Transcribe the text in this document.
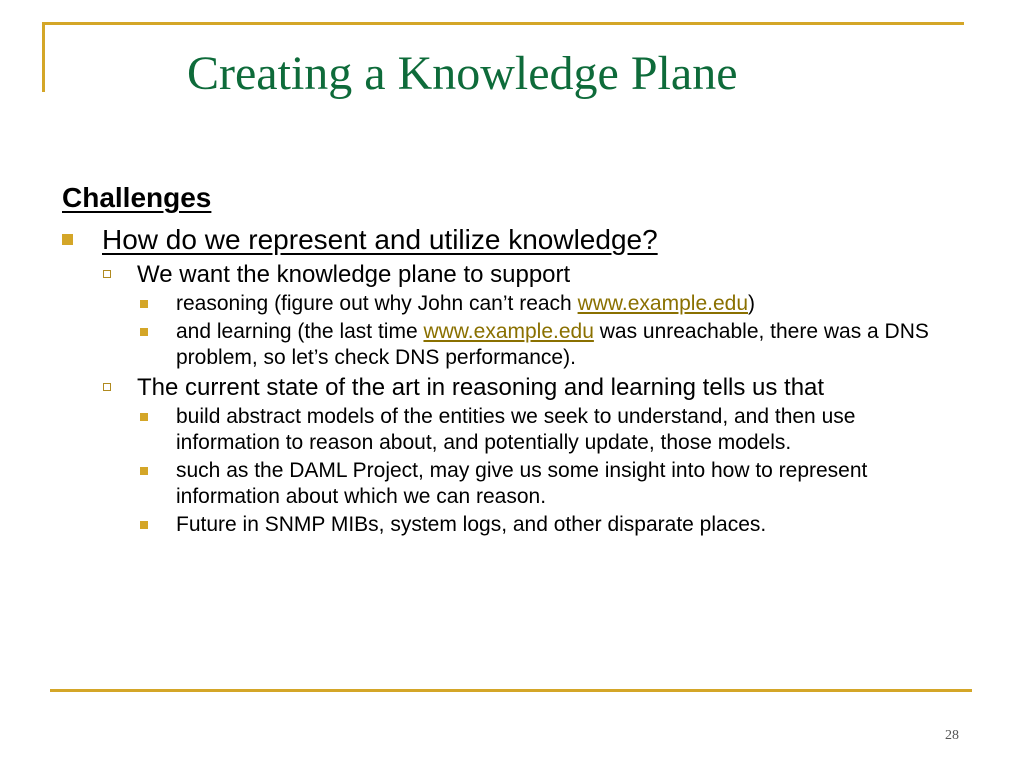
Creating a Knowledge Plane
Challenges
How do we represent and utilize knowledge?
We want the knowledge plane to support
reasoning (figure out why John can’t reach www.example.edu)
and learning (the last time www.example.edu was unreachable, there was a DNS problem, so let’s check DNS performance).
The current state of the art in reasoning and learning tells us that
build abstract models of the entities we seek to understand, and then use information to reason about, and potentially update, those models.
such as the DAML Project, may give us some insight into how to represent information about which we can reason.
Future in SNMP MIBs, system logs, and other disparate places.
28
